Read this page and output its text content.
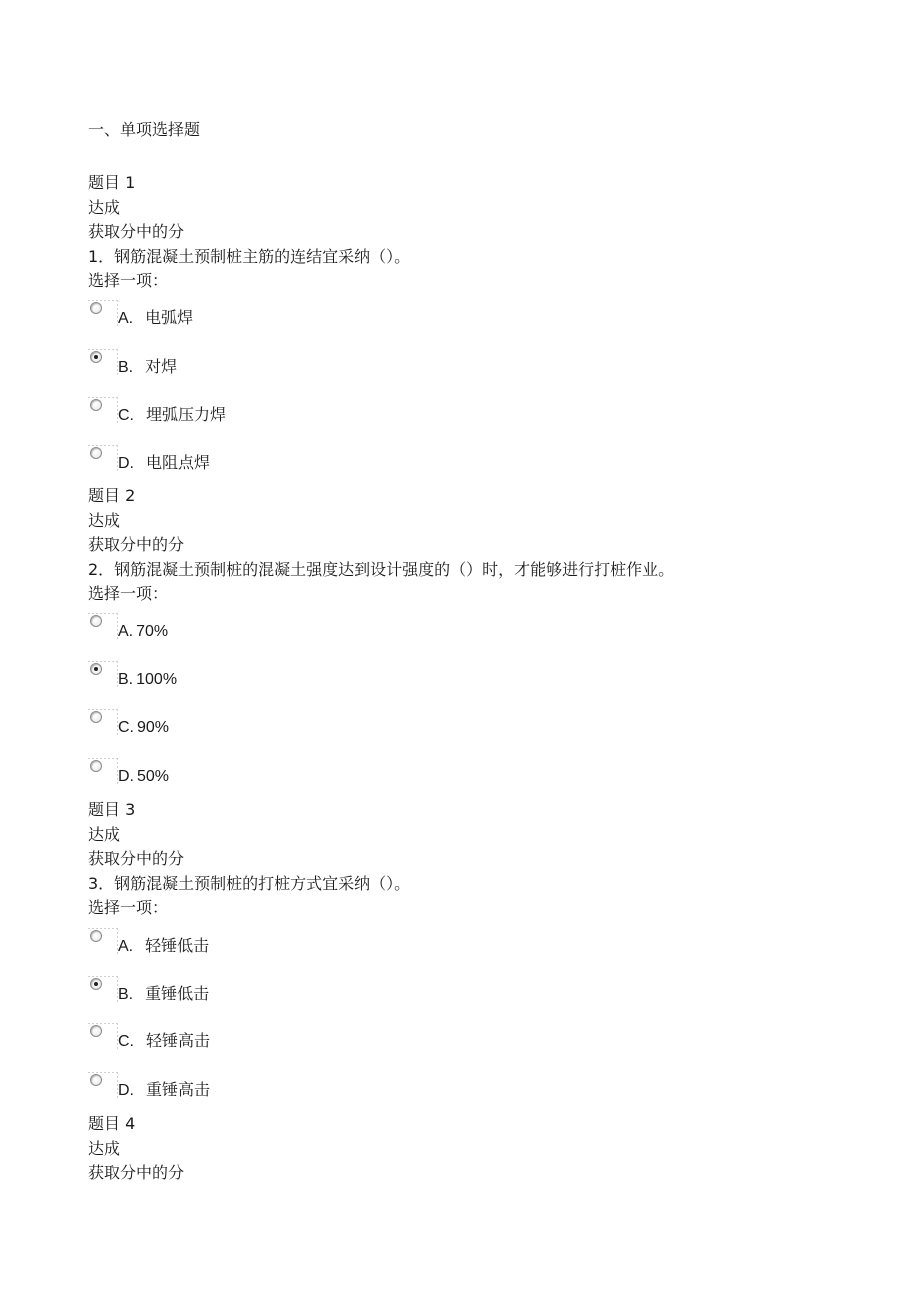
一、单项选择题
题目 1
达成
获取分中的分
1．钢筋混凝土预制桩主筋的连结宜采纳（）。
选择一项：
A. 电弧焊
B. 对焊
C. 埋弧压力焊
D. 电阻点焊
题目 2
达成
获取分中的分
2．钢筋混凝土预制桩的混凝土强度达到设计强度的（）时，才能够进行打桩作业。
选择一项：
A. 70%
B. 100%
C. 90%
D. 50%
题目 3
达成
获取分中的分
3．钢筋混凝土预制桩的打桩方式宜采纳（）。
选择一项：
A. 轻锤低击
B. 重锤低击
C. 轻锤高击
D. 重锤高击
题目 4
达成
获取分中的分
